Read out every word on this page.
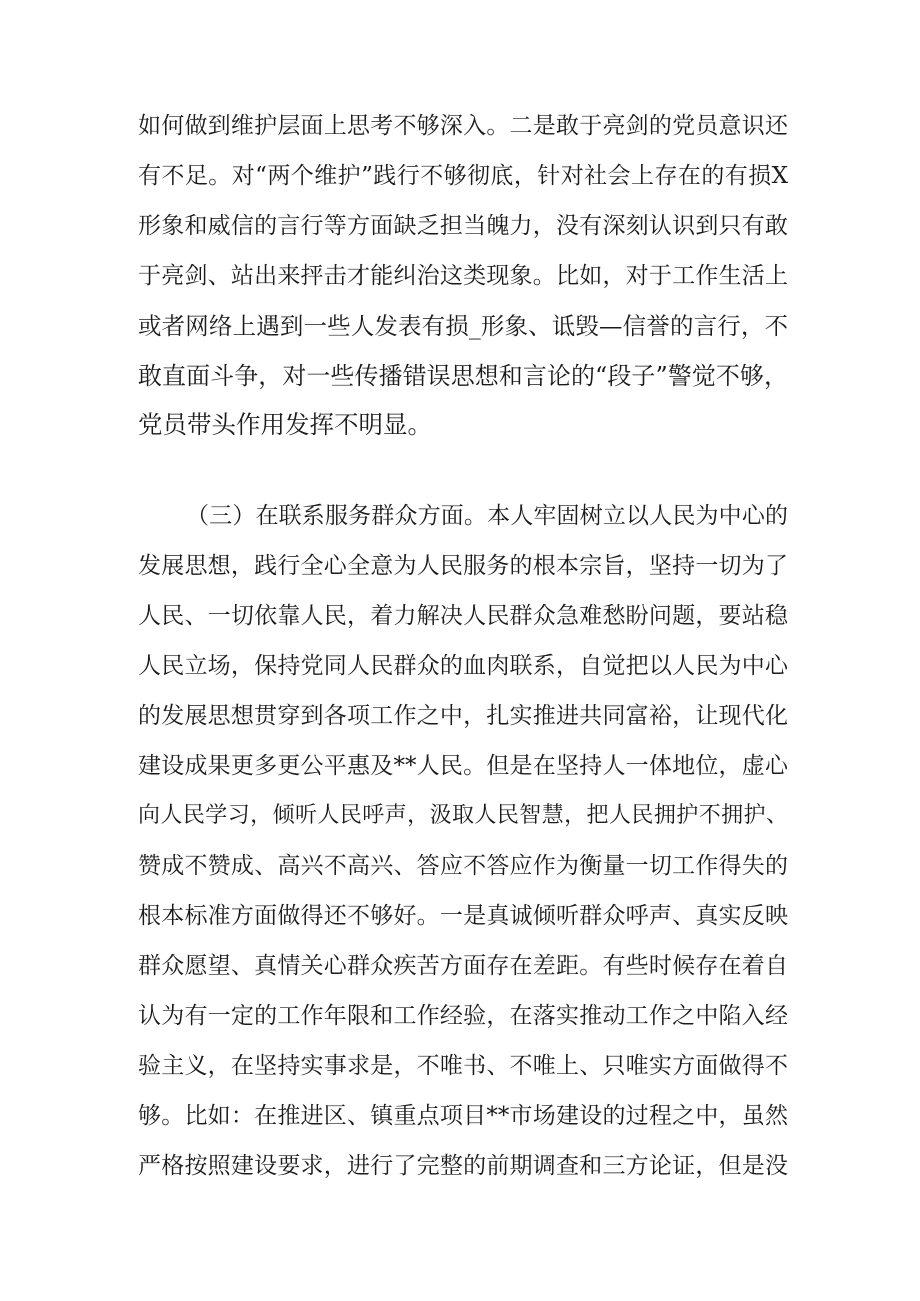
如何做到维护层面上思考不够深入。二是敢于亮剑的党员意识还
有不足。对“两个维护”践行不够彻底，针对社会上存在的有损X
形象和威信的言行等方面缺乏担当魄力，没有深刻认识到只有敢
于亮剑、站出来抨击才能纠治这类现象。比如，对于工作生活上
或者网络上遇到一些人发表有损_形象、诋毁—信誉的言行，不
敢直面斗争，对一些传播错误思想和言论的“段子”警觉不够，
党员带头作用发挥不明显。
（三）在联系服务群众方面。本人牢固树立以人民为中心的
发展思想，践行全心全意为人民服务的根本宗旨，坚持一切为了
人民、一切依靠人民，着力解决人民群众急难愁盼问题，要站稳
人民立场，保持党同人民群众的血肉联系，自觉把以人民为中心
的发展思想贯穿到各项工作之中，扎实推进共同富裕，让现代化
建设成果更多更公平惠及**人民。但是在坚持人一体地位，虚心
向人民学习，倾听人民呼声，汲取人民智慧，把人民拥护不拥护、
赞成不赞成、高兴不高兴、答应不答应作为衡量一切工作得失的
根本标准方面做得还不够好。一是真诚倾听群众呼声、真实反映
群众愿望、真情关心群众疾苦方面存在差距。有些时候存在着自
认为有一定的工作年限和工作经验，在落实推动工作之中陷入经
验主义，在坚持实事求是，不唯书、不唯上、只唯实方面做得不
够。比如：在推进区、镇重点项目**市场建设的过程之中，虽然
严格按照建设要求，进行了完整的前期调查和三方论证，但是没
